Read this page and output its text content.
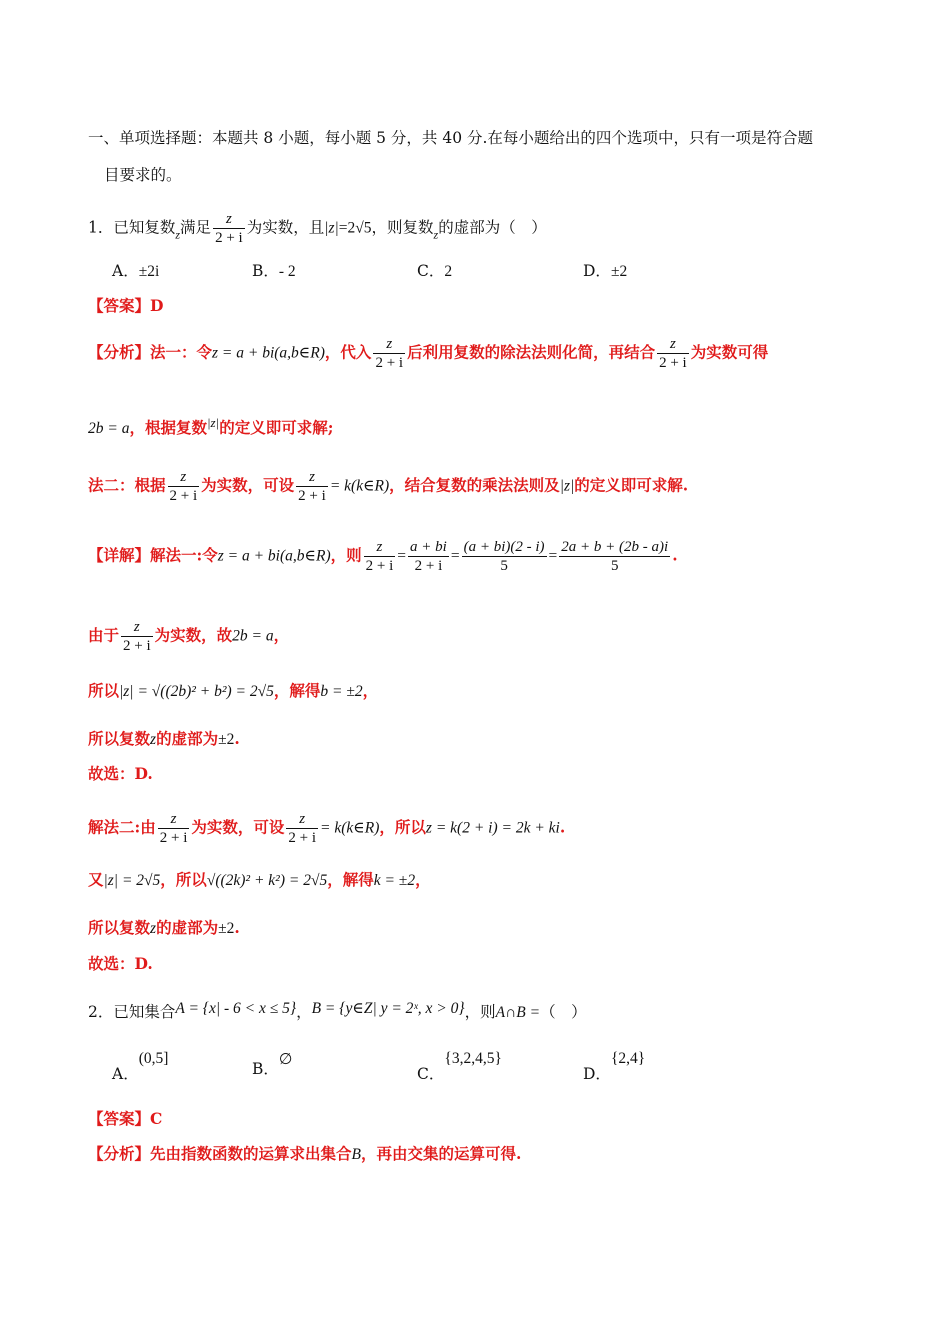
一、单项选择题：本题共 8 小题，每小题 5 分，共 40 分.在每小题给出的四个选项中，只有一项是符合题
目要求的。
1．已知复数$_z$满足 $\frac{z}{2 + i}$ 为实数，且|z|=2√5，则复数$_z$的虚部为（　）
A．±2i	B．- 2	C．2	D．±2
【答案】D
【分析】法一：令z = a + bi(a,b∈R)，代入 $\frac{z}{2 + i}$ 后利用复数的除法法则化简，再结合 $\frac{z}{2 + i}$ 为实数可得
2b = a，根据复数$^{|z|}$的定义即可求解;
法二：根据 $\frac{z}{2 + i}$ 为实数，可设 $\frac{z}{2 + i}$ = k(k∈R)，结合复数的乘法法则及|z|的定义即可求解.
【详解】解法一:令z = a + bi(a,b∈R)，则 $\frac{z}{2 + i} = \frac{a + bi}{2 + i} = \frac{(a + bi)(2 - i)}{5} = \frac{2a + b + (2b - a)i}{5}$ .
由于 $\frac{z}{2 + i}$ 为实数，故2b = a，
所以|z| = √((2b)² + b²) = 2√5，解得b = ±2，
所以复数z的虚部为±2.
故选：D.
解法二:由 $\frac{z}{2 + i}$ 为实数，可设 $\frac{z}{2 + i}$ = k(k∈R)，所以z = k(2 + i) = 2k + ki.
又|z| = 2√5，所以√((2k)² + k²) = 2√5，解得k = ±2，
所以复数z的虚部为±2.
故选：D.
2．已知集合A = {x| - 6 < x ≤ 5}，B = {y∈Z| y = 2ˣ, x > 0}，则A∩B =（　）
A．(0,5]
B．∅
C．{3,2,4,5}
D．{2,4}
【答案】C
【分析】先由指数函数的运算求出集合B，再由交集的运算可得.
